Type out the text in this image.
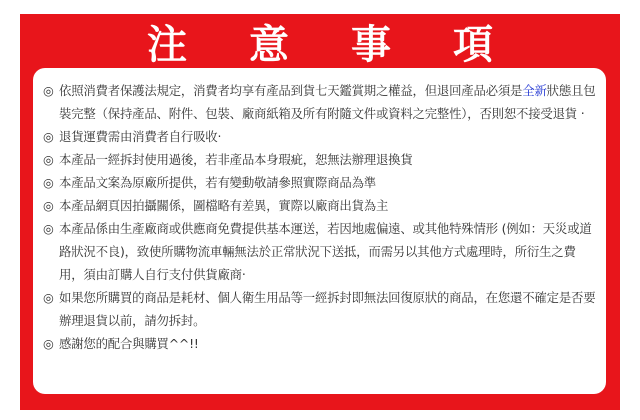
注 意 事 項
◎ 依照消費者保護法規定，消費者均享有產品到貨七天鑑賞期之權益，但退回產品必須是全新狀態且包裝完整（保持產品、附件、包裝、廠商紙箱及所有附隨文件或資料之完整性），否則恕不接受退貨 ‧
◎ 退貨運費需由消費者自行吸收‧
◎ 本產品一經拆封使用過後，若非產品本身瑕疵，恕無法辦理退換貨
◎ 本產品文案為原廠所提供，若有變動敬請參照實際商品為準
◎ 本產品網頁因拍攝關係，圖檔略有差異，實際以廠商出貨為主
◎ 本產品係由生產廠商或供應商免費提供基本運送，若因地處偏遠、或其他特殊情形 (例如：天災或道路狀況不良)，致使所購物流車輛無法於正常狀況下送抵，而需另以其他方式處理時，所衍生之費用，須由訂購人自行支付供貨廠商‧
◎ 如果您所購買的商品是耗材、個人衛生用品等一經拆封即無法回復原狀的商品，在您還不確定是否要辦理退貨以前，請勿拆封。
◎ 感謝您的配合與購買^^!!
